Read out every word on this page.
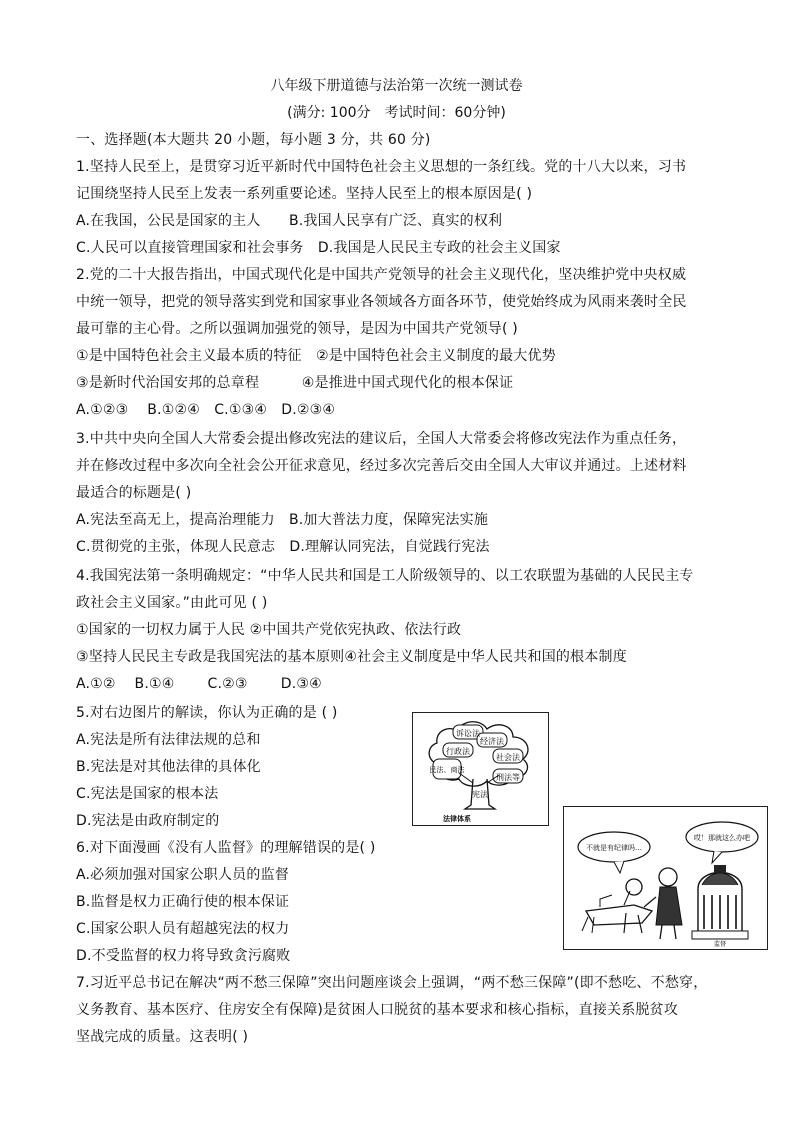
八年级下册道德与法治第一次统一测试卷
(满分: 100分　考试时间：60分钟)
一、选择题(本大题共 20 小题，每小题 3 分，共 60 分)
1.坚持人民至上，是贯穿习近平新时代中国特色社会主义思想的一条红线。党的十八大以来，习书
记围绕坚持人民至上发表一系列重要论述。坚持人民至上的根本原因是( )
A.在我国，公民是国家的主人　　B.我国人民享有广泛、真实的权利
C.人民可以直接管理国家和社会事务　D.我国是人民民主专政的社会主义国家
2.党的二十大报告指出，中国式现代化是中国共产党领导的社会主义现代化，坚决维护党中央权威
中统一领导，把党的领导落实到党和国家事业各领域各方面各环节，使党始终成为风雨来袭时全民
最可靠的主心骨。之所以强调加强党的领导，是因为中国共产党领导( )
①是中国特色社会主义最本质的特征　②是中国特色社会主义制度的最大优势
③是新时代治国安邦的总章程　　　④是推进中国式现代化的根本保证
A.①②③　 B.①②④　C.①③④　D.②③④
3.中共中央向全国人大常委会提出修改宪法的建议后，全国人大常委会将修改宪法作为重点任务，
并在修改过程中多次向全社会公开征求意见，经过多次完善后交由全国人大审议并通过。上述材料
最适合的标题是( )
A.宪法至高无上，提高治理能力　B.加大普法力度，保障宪法实施
C.贯彻党的主张，体现人民意志　D.理解认同宪法，自觉践行宪法
4.我国宪法第一条明确规定：“中华人民共和国是工人阶级领导的、以工农联盟为基础的人民民主专
政社会主义国家。”由此可见 ( )
①国家的一切权力属于人民 ②中国共产党依宪执政、依法行政
③坚持人民民主专政是我国宪法的基本原则④社会主义制度是中华人民共和国的根本制度
A.①②　 B.①④　　 C.②③　　 D.③④
5.对右边图片的解读，你认为正确的是 ( )
A.宪法是所有法律法规的总和
B.宪法是对其他法律的具体化
C.宪法是国家的根本法
D.宪法是由政府制定的
6.对下面漫画《没有人监督》的理解错误的是( )
A.必须加强对国家公职人员的监督
B.监督是权力正确行使的根本保证
C.国家公职人员有超越宪法的权力
D.不受监督的权力将导致贪污腐败
7.习近平总书记在解决“两不愁三保障”突出问题座谈会上强调，“两不愁三保障”(即不愁吃、不愁穿，
义务教育、基本医疗、住房安全有保障)是贫困人口脱贫的基本要求和核心指标，直接关系脱贫攻
坚战完成的质量。这表明( )
诉讼法
经济法
行政法
社会法
民法、商法
刑法等
宪法
法律体系
不就是有纪律吗…
哎！那就这么办吧
监督
